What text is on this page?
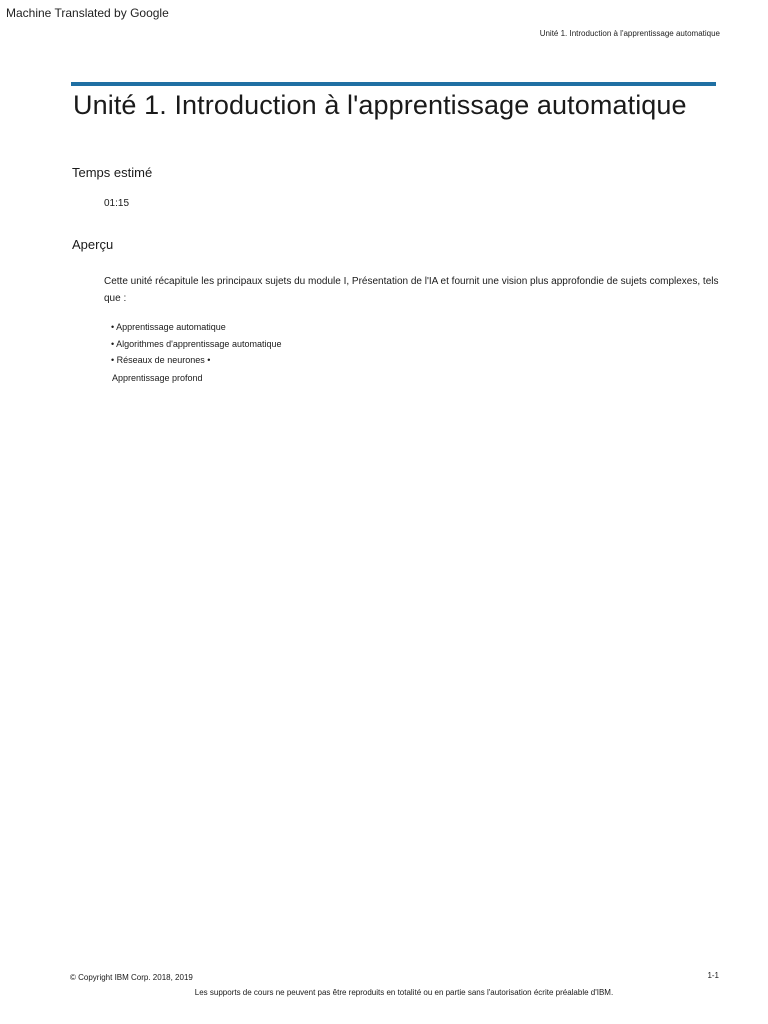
Machine Translated by Google
Unité 1. Introduction à l'apprentissage automatique
Unité 1. Introduction à l'apprentissage automatique
Temps estimé
01:15
Aperçu

Cette unité récapitule les principaux sujets du module I, Présentation de l'IA et fournit une vision plus approfondie de sujets complexes, tels que :

• Apprentissage automatique
• Algorithmes d'apprentissage automatique
• Réseaux de neurones •
Apprentissage profond
© Copyright IBM Corp. 2018, 2019	1-1
Les supports de cours ne peuvent pas être reproduits en totalité ou en partie sans l'autorisation écrite préalable d'IBM.
